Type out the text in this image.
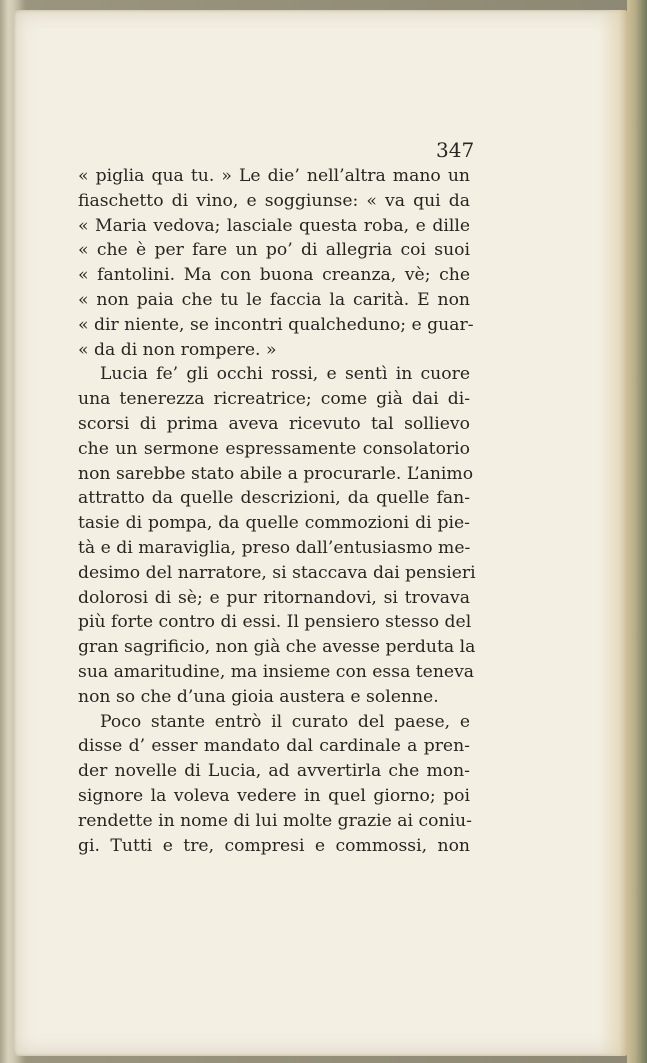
347
« piglia qua tu. » Le die’ nell’altra mano un
fiaschetto di vino, e soggiunse: « va qui da
« Maria vedova; lasciale questa roba, e dille
« che è per fare un po’ di allegria coi suoi
« fantolini. Ma con buona creanza, vè; che
« non paia che tu le faccia la carità. E non
« dir niente, se incontri qualcheduno; e guar-
« da di non rompere. »
Lucia fe’ gli occhi rossi, e sentì in cuore
una tenerezza ricreatrice; come già dai di-
scorsi di prima aveva ricevuto tal sollievo
che un sermone espressamente consolatorio
non sarebbe stato abile a procurarle. L’animo
attratto da quelle descrizioni, da quelle fan-
tasie di pompa, da quelle commozioni di pie-
tà e di maraviglia, preso dall’entusiasmo me-
desimo del narratore, si staccava dai pensieri
dolorosi di sè; e pur ritornandovi, si trovava
più forte contro di essi. Il pensiero stesso del
gran sagrificio, non già che avesse perduta la
sua amaritudine, ma insieme con essa teneva
non so che d’una gioia austera e solenne.
Poco stante entrò il curato del paese, e
disse d’ esser mandato dal cardinale a pren-
der novelle di Lucia, ad avvertirla che mon-
signore la voleva vedere in quel giorno; poi
rendette in nome di lui molte grazie ai coniu-
gi. Tutti e tre, compresi e commossi, non
